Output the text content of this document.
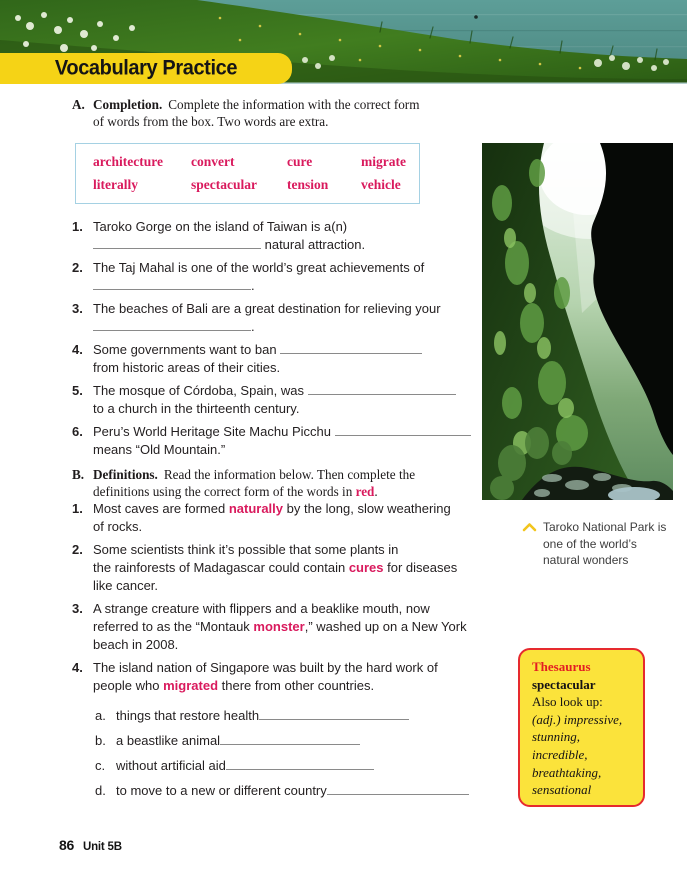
Vocabulary Practice
A. Completion. Complete the information with the correct form
of words from the box. Two words are extra.
architecture	convert	cure	migrate
literally	spectacular	tension	vehicle
1. Taroko Gorge on the island of Taiwan is a(n)
natural attraction.
2. The Taj Mahal is one of the world’s great achievements of
.
3. The beaches of Bali are a great destination for relieving your
.
4. Some governments want to ban
from historic areas of their cities.
5. The mosque of Córdoba, Spain, was
to a church in the thirteenth century.
6. Peru’s World Heritage Site Machu Picchu
means “Old Mountain.”
B. Definitions. Read the information below. Then complete the
definitions using the correct form of the words in red.
1. Most caves are formed naturally by the long, slow weathering
of rocks.
2. Some scientists think it’s possible that some plants in
the rainforests of Madagascar could contain cures for diseases
like cancer.
3. A strange creature with flippers and a beaklike mouth, now
referred to as the “Montauk monster,” washed up on a New York
beach in 2008.
4. The island nation of Singapore was built by the hard work of
people who migrated there from other countries.
a. things that restore health
b. a beastlike animal
c. without artificial aid
d. to move to a new or different country
Taroko National Park is one of the world’s natural wonders
Thesaurus
spectacular
Also look up:
(adj.) impressive,
stunning,
incredible,
breathtaking,
sensational
86 Unit 5B
